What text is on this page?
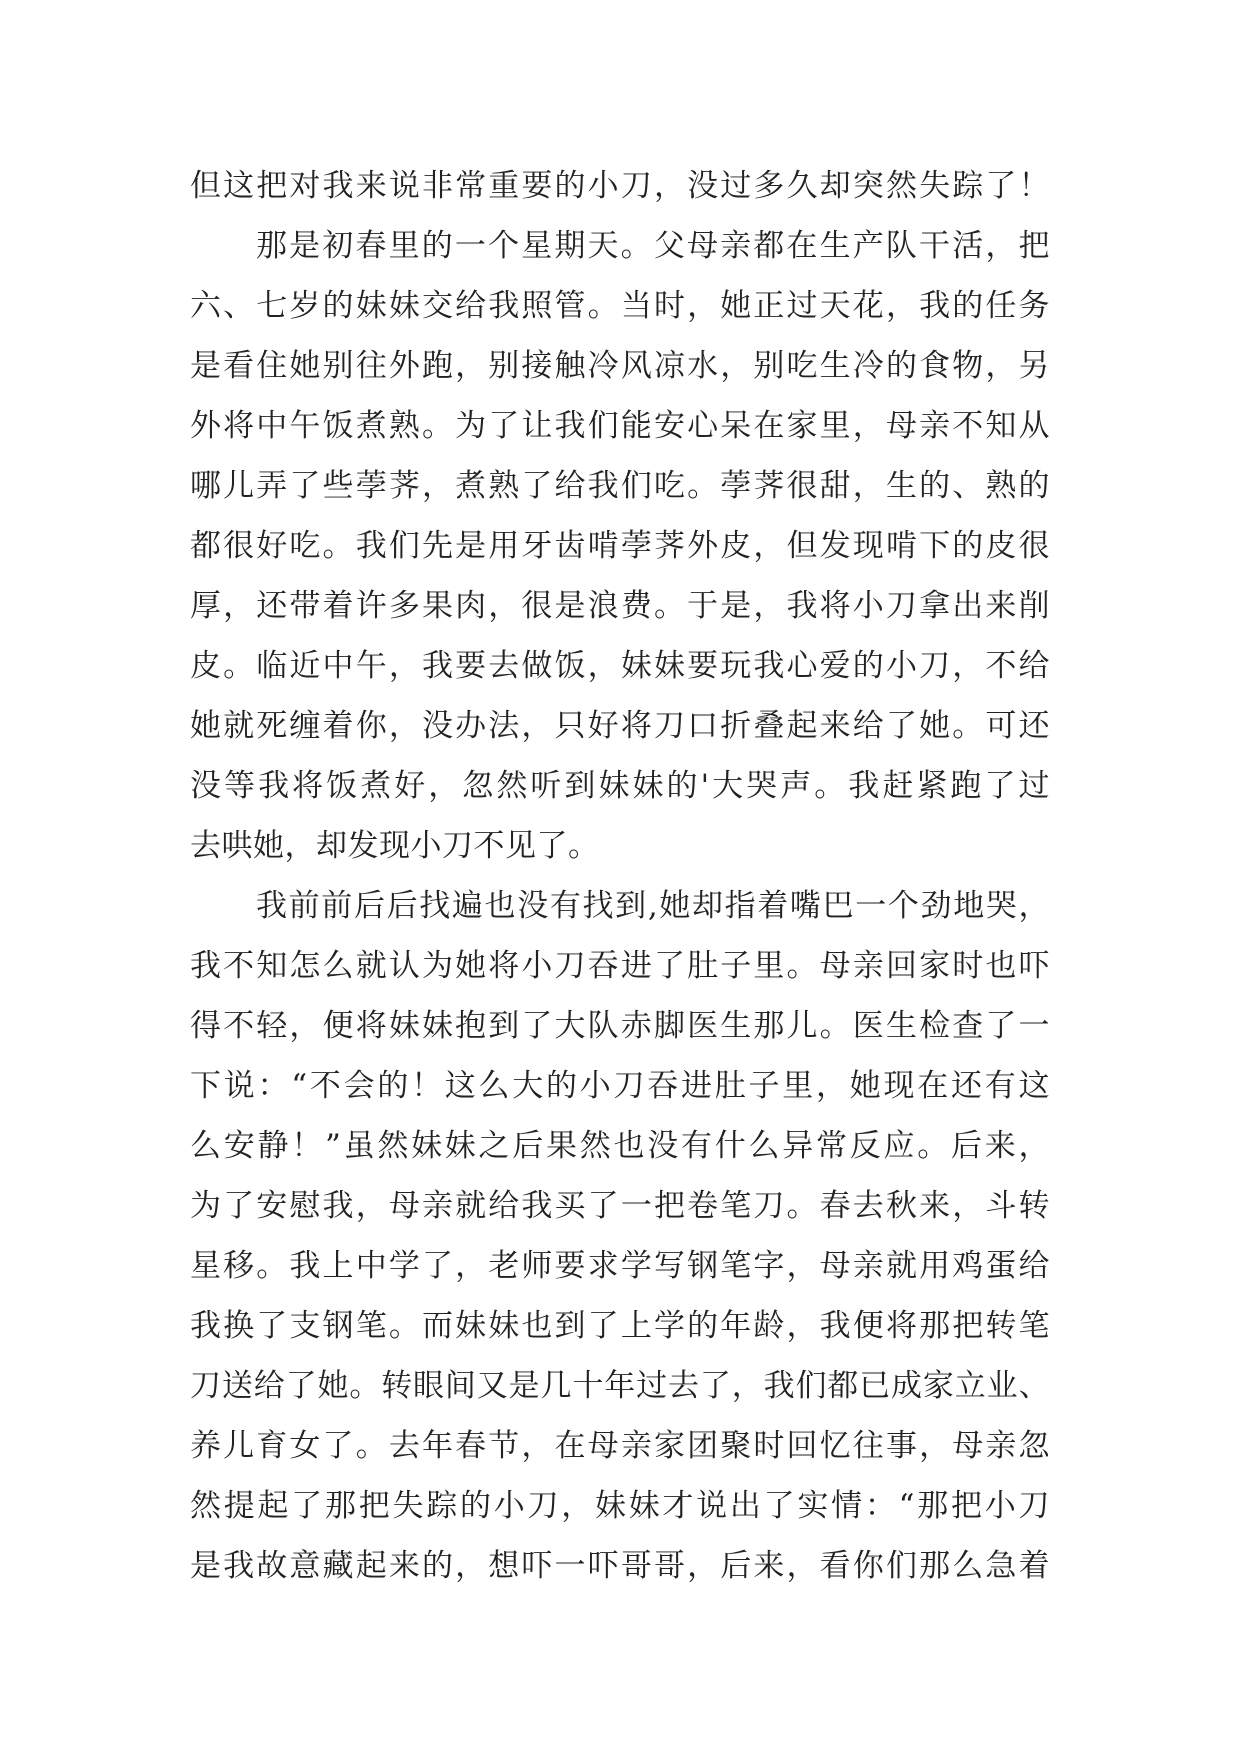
但这把对我来说非常重要的小刀，没过多久却突然失踪了！
那是初春里的一个星期天。父母亲都在生产队干活，把
六、七岁的妹妹交给我照管。当时，她正过天花，我的任务
是看住她别往外跑，别接触冷风凉水，别吃生冷的食物，另
外将中午饭煮熟。为了让我们能安心呆在家里，母亲不知从
哪儿弄了些荸荠，煮熟了给我们吃。荸荠很甜，生的、熟的
都很好吃。我们先是用牙齿啃荸荠外皮，但发现啃下的皮很
厚，还带着许多果肉，很是浪费。于是，我将小刀拿出来削
皮。临近中午，我要去做饭，妹妹要玩我心爱的小刀，不给
她就死缠着你，没办法，只好将刀口折叠起来给了她。可还
没等我将饭煮好，忽然听到妹妹的'大哭声。我赶紧跑了过
去哄她，却发现小刀不见了。
我前前后后找遍也没有找到,她却指着嘴巴一个劲地哭，
我不知怎么就认为她将小刀吞进了肚子里。母亲回家时也吓
得不轻，便将妹妹抱到了大队赤脚医生那儿。医生检查了一
下说：“不会的！这么大的小刀吞进肚子里，她现在还有这
么安静！”虽然妹妹之后果然也没有什么异常反应。后来，
为了安慰我，母亲就给我买了一把卷笔刀。春去秋来，斗转
星移。我上中学了，老师要求学写钢笔字，母亲就用鸡蛋给
我换了支钢笔。而妹妹也到了上学的年龄，我便将那把转笔
刀送给了她。转眼间又是几十年过去了，我们都已成家立业、
养儿育女了。去年春节，在母亲家团聚时回忆往事，母亲忽
然提起了那把失踪的小刀，妹妹才说出了实情：“那把小刀
是我故意藏起来的，想吓一吓哥哥，后来，看你们那么急着
